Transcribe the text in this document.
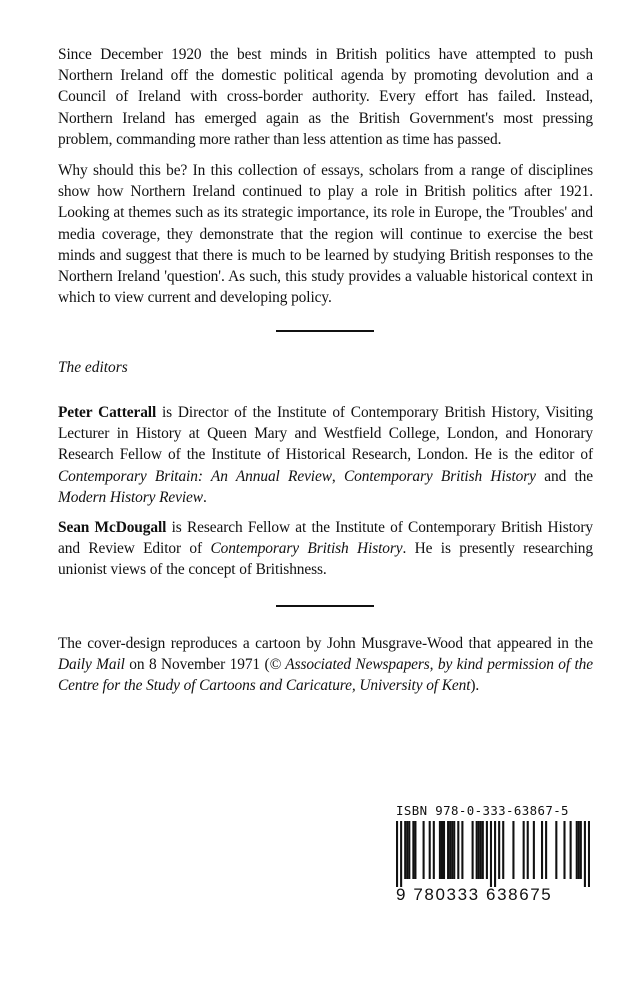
Since December 1920 the best minds in British politics have attempted to push Northern Ireland off the domestic political agenda by promoting devolution and a Council of Ireland with cross-border authority. Every effort has failed. Instead, Northern Ireland has emerged again as the British Government's most pressing problem, commanding more rather than less attention as time has passed.

Why should this be? In this collection of essays, scholars from a range of disciplines show how Northern Ireland continued to play a role in British politics after 1921. Looking at themes such as its strategic importance, its role in Europe, the 'Troubles' and media coverage, they demonstrate that the region will continue to exercise the best minds and suggest that there is much to be learned by studying British responses to the Northern Ireland 'question'. As such, this study provides a valuable historical context in which to view current and developing policy.

The editors

Peter Catterall is Director of the Institute of Contemporary British History, Visiting Lecturer in History at Queen Mary and Westfield College, London, and Honorary Research Fellow of the Institute of Historical Research, London. He is the editor of Contemporary Britain: An Annual Review, Contemporary British History and the Modern History Review.

Sean McDougall is Research Fellow at the Institute of Contemporary British History and Review Editor of Contemporary British History. He is presently researching unionist views of the concept of Britishness.

The cover-design reproduces a cartoon by John Musgrave-Wood that appeared in the Daily Mail on 8 November 1971 (© Associated Newspapers, by kind permission of the Centre for the Study of Cartoons and Caricature, University of Kent).

ISBN 978-0-333-63867-5
9 780333 638675
